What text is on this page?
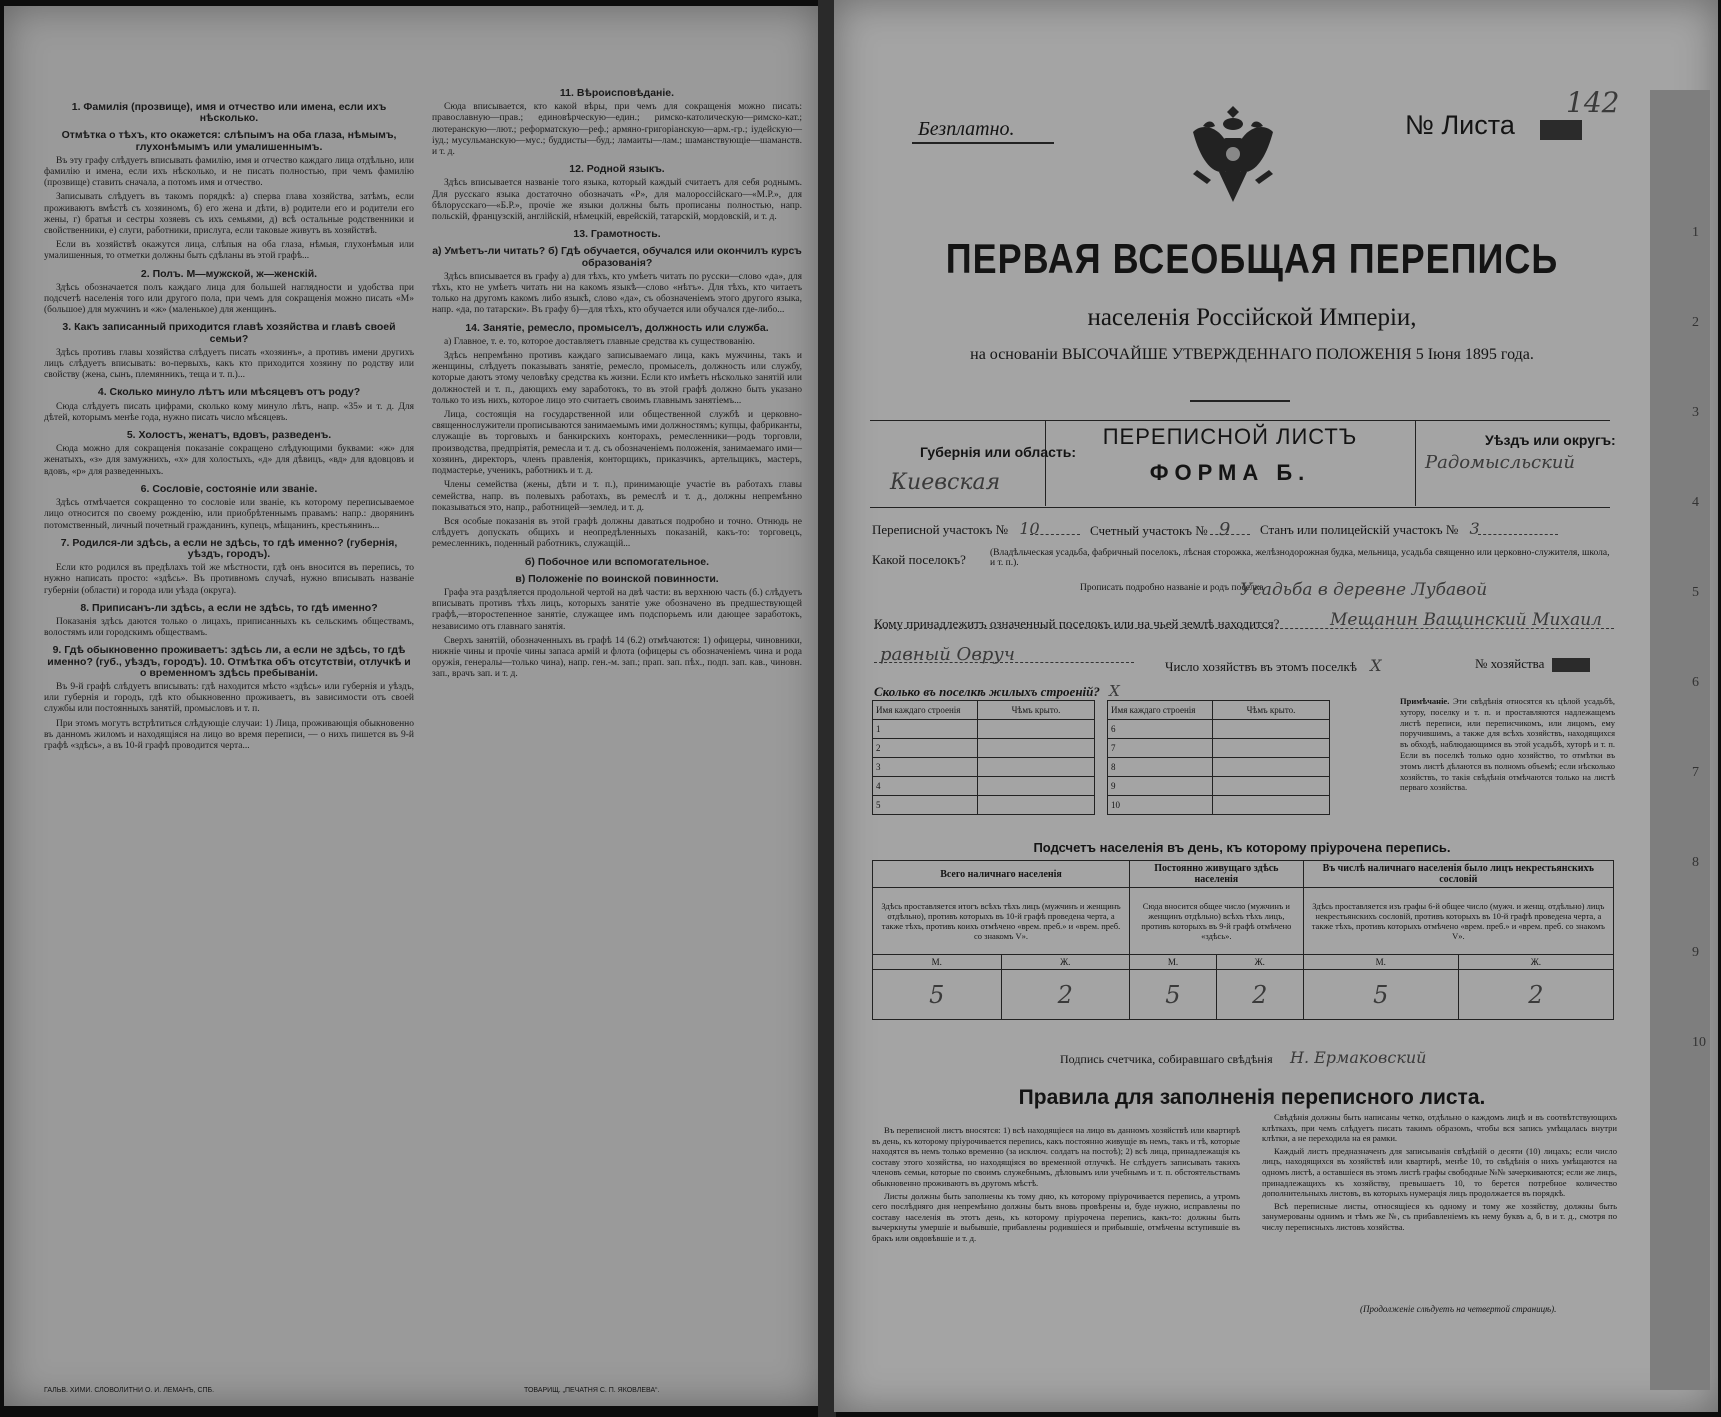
1. Фамилія (прозвище), имя и отчество или имена, если ихъ нѣсколько.
Отмѣтка о тѣхъ, кто окажется: слѣпымъ на оба глаза, нѣмымъ, глухонѣмымъ или умалишеннымъ.

Въ эту графу слѣдуетъ вписывать фамилію, имя и отчество каждаго лица отдѣльно, или фамилію и имена, если ихъ нѣсколько, и не писать полностью, при чемъ фамилію (прозвище) ставить сначала, а потомъ имя и отчество.

Записывать слѣдуетъ въ такомъ порядкѣ: а) сперва глава хозяйства, затѣмъ, если проживаютъ вмѣстѣ съ хозяиномъ, б) его жена и дѣти, в) родители его и родители его жены, г) братья и сестры хозяевъ съ ихъ семьями, д) всѣ остальные родственники и свойственники, е) слуги, работники, прислуга, если таковые живутъ въ хозяйствѣ.

Если въ хозяйствѣ окажутся лица, слѣпыя на оба глаза, нѣмыя, глухонѣмыя или умалишенныя, то отметки должны быть сдѣланы въ этой графѣ...

2. Полъ. М—мужской, ж—женскій.

Здѣсь обозначается полъ каждаго лица для большей наглядности и удобства при подсчетѣ населенія того или другого пола, при чемъ для сокращенія можно писать «М» (большое) для мужчинъ и «ж» (маленькое) для женщинъ.

3. Какъ записанный приходится главѣ хозяйства и главѣ своей семьи?

Здѣсь противъ главы хозяйства слѣдуетъ писать «хозяинъ», а противъ имени другихъ лицъ слѣдуетъ вписывать: во-первыхъ, какъ кто приходится хозяину по родству или свойству (жена, сынъ, племянникъ, теща и т. п.)...

4. Сколько минуло лѣтъ или мѣсяцевъ отъ роду?

Сюда слѣдуетъ писать цифрами, сколько кому минуло лѣтъ, напр. «35» и т. д. Для дѣтей, которымъ менѣе года, нужно писать число мѣсяцевъ.

5. Холостъ, женатъ, вдовъ, разведенъ.

Сюда можно для сокращенія показаніе сокращено слѣдующими буквами: «ж» для женатыхъ, «з» для замужнихъ, «х» для холостыхъ, «д» для дѣвицъ, «вд» для вдовцовъ и вдовъ, «р» для разведенныхъ.

6. Сословіе, состояніе или званіе.

Здѣсь отмѣчается сокращенно то сословіе или званіе, къ которому переписываемое лицо относится по своему рожденію, или приобрѣтеннымъ правамъ: напр.: дворянинъ потомственный, личный почетный гражданинъ, купецъ, мѣщанинъ, крестьянинъ...

7. Родился-ли здѣсь, а если не здѣсь, то гдѣ именно? (губернія, уѣздъ, городъ).

Если кто родился въ предѣлахъ той же мѣстности, гдѣ онъ вносится въ перепись, то нужно написать просто: «здѣсь». Въ противномъ случаѣ, нужно вписывать названіе губерніи (области) и города или уѣзда (округа).

8. Приписанъ-ли здѣсь, а если не здѣсь, то гдѣ именно?

Показанія здѣсь даются только о лицахъ, приписанныхъ къ сельскимъ обществамъ, волостямъ или городскимъ обществамъ.

9. Гдѣ обыкновенно проживаетъ: здѣсь ли, а если не здѣсь, то гдѣ именно? (губ., уѣздъ, городъ). 10. Отмѣтка объ отсутствіи, отлучкѣ и о временномъ здѣсь пребываніи.

Въ 9-й графѣ слѣдуетъ вписывать: гдѣ находится мѣсто «здѣсь» или губернія и уѣздъ, или губернія и городъ, гдѣ кто обыкновенно проживаетъ, въ зависимости отъ своей службы или постоянныхъ занятій, промысловъ и т. п.

При этомъ могутъ встрѣтиться слѣдующіе случаи: 1) Лица, проживающія обыкновенно въ данномъ жиломъ и находящіяся на лицо во время переписи, — о нихъ пишется въ 9-й графѣ «здѣсь», а въ 10-й графѣ проводится черта...

11. Вѣроисповѣданіе.

Сюда вписывается, кто какой вѣры, при чемъ для сокращенія можно писать: православную—прав.; единовѣрческую—един.; римско-католическую—римско-кат.; лютеранскую—лют.; реформатскую—реф.; армяно-григоріанскую—арм.-гр.; іудейскую—іуд.; мусульманскую—мус.; буддисты—буд.; ламаиты—лам.; шаманствующіе—шаманств. и т. д.

12. Родной языкъ.

Здѣсь вписывается названіе того языка, который каждый считаетъ для себя роднымъ. Для русскаго языка достаточно обозначать «Р», для малороссійскаго—«М.Р.», для бѣлорусскаго—«Б.Р.», прочіе же языки должны быть прописаны полностью, напр. польскій, французскій, англійскій, нѣмецкій, еврейскій, татарскій, мордовскій, и т. д.

13. Грамотность.
а) Умѣетъ-ли читать? б) Гдѣ обучается, обучался или окончилъ курсъ образованія?

Здѣсь вписывается въ графу а) для тѣхъ, кто умѣетъ читать по русски—слово «да», для тѣхъ, кто не умѣетъ читать ни на какомъ языкѣ—слово «нѣтъ». Для тѣхъ, кто читаетъ только на другомъ какомъ либо языкѣ, слово «да», съ обозначеніемъ этого другого языка, напр. «да, по татарски». Въ графу б)—для тѣхъ, кто обучается или обучался где-либо...

14. Занятіе, ремесло, промыселъ, должность или служба.

а) Главное, т. е. то, которое доставляетъ главные средства къ существованію.

Здѣсь непремѣнно противъ каждаго записываемаго лица, какъ мужчины, такъ и женщины, слѣдуетъ показывать занятіе, ремесло, промыселъ, должность или службу, которые даютъ этому человѣку средства къ жизни. Если кто имѣетъ нѣсколько занятій или должностей и т. п., дающихъ ему заработокъ, то въ этой графѣ должно быть указано только то изъ нихъ, которое лицо это считаетъ своимъ главнымъ занятіемъ...

Лица, состоящія на государственной или общественной службѣ и церковно-священнослужители прописываются занимаемымъ ими должностямъ; купцы, фабриканты, служащіе въ торговыхъ и банкирскихъ конторахъ, ремесленники—родъ торговли, производства, предпріятія, ремесла и т. д. съ обозначеніемъ положенія, занимаемаго ими—хозяинъ, директоръ, членъ правленія, конторщикъ, приказчикъ, артельщикъ, мастеръ, подмастерье, ученикъ, работникъ и т. д.

Члены семейства (жены, дѣти и т. п.), принимающіе участіе въ работахъ главы семейства, напр. въ полевыхъ работахъ, въ ремеслѣ и т. д., должны непремѣнно показываться это, напр., работницей—землед. и т. д.

Вся особые показанія въ этой графѣ должны даваться подробно и точно. Отнюдь не слѣдуетъ допускать общихъ и неопредѣленныхъ показаній, какъ-то: торговецъ, ремесленникъ, поденный работникъ, служащій...

б) Побочное или вспомогательное.
в) Положеніе по воинской повинности.

Графа эта раздѣляется продольной чертой на двѣ части: въ верхнюю часть (б.) слѣдуетъ вписывать противъ тѣхъ лицъ, которыхъ занятіе уже обозначено въ предшествующей графѣ,—второстепенное занятіе, служащее имъ подспорьемъ или дающее заработокъ, независимо отъ главнаго занятія.

Сверхъ занятій, обозначенныхъ въ графѣ 14 (6.2) отмѣчаются: 1) офицеры, чиновники, нижніе чины и прочіе чины запаса армій и флота (офицеры съ обозначеніемъ чина и рода оружія, генералы—только чина), напр. ген.-м. зап.; прап. зап. пѣх., подп. зап. кав., чиновн. зап., врачъ зап. и т. д.

ГАЛЬВ. ХИМИ. СЛОВОЛИТНИ О. И. ЛЕМАНЪ, СПБ.	ТОВАРИЩ. „ПЕЧАТНЯ С. П. ЯКОВЛЕВА“.
Безплатно.	№ Листа
142
ПЕРВАЯ ВСЕОБЩАЯ ПЕРЕПИСЬ
населенія Россійской Имперіи,
на основаніи ВЫСОЧАЙШЕ УТВЕРЖДЕННАГО ПОЛОЖЕНІЯ 5 Іюня 1895 года.
Губернія или область:
Киевская
ПЕРЕПИСНОЙ ЛИСТЪ
ФОРМА Б.
Уѣздъ или округъ:
Радомысльский
Переписной участокъ № 10	Счетный участокъ № 9 Станъ или полицейскій участокъ № 3
Какой поселокъ?	(Владѣльческая усадьба, фабричный поселокъ, лѣсная сторожка, желѣзнодорожная будка, мельница, усадьба священно или церковно-служителя, школа, и т. п.).
Прописать подробно названіе и родъ поселка
Усадьба в деревне Лубавой
Кому принадлежитъ означенный поселокъ или на чьей землѣ находится?	Мещанин Ващинский Михаил
равный Овруч
Число хозяйствъ въ этомъ поселкѣ X	№ хозяйства
Сколько въ поселкѣ жилыхъ строеній? X
Имя каждаго строенія	Чѣмъ крыто.		Имя каждаго строенія	Чѣмъ крыто.
1			6	
2			7	
3			8	
4			9	
5			10	
Примѣчаніе. Эти свѣдѣнія относятся къ цѣлой усадьбѣ, хутору, поселку и т. п. и проставляются надлежащемъ листѣ переписи, или переписчикомъ, или лицомъ, ему поручившимъ, а также для всѣхъ хозяйствъ, находящихся въ обходѣ, наблюдающимся въ этой усадьбѣ, хуторѣ и т. п. Если въ поселкѣ только одно хозяйство, то отмѣтки въ этомъ листѣ дѣлаются въ полномъ объемѣ; если нѣсколько хозяйствъ, то такія свѣдѣнія отмѣчаются только на листѣ перваго хозяйства.
Подсчетъ населенія въ день, къ которому пріурочена перепись.
Всего наличнаго населенія		Постоянно живущаго здѣсь населенія		Въ числѣ наличнаго населенія было лицъ некрестьянскихъ сословій	
Здѣсь проставляется итогъ всѣхъ тѣхъ лицъ (мужчинъ и женщинъ отдѣльно), противъ которыхъ въ 10-й графѣ проведена черта, а также тѣхъ, противъ коихъ отмѣчено «врем. преб.» и «врем. преб. со знакомъ V».		Сюда вносится общее число (мужчинъ и женщинъ отдѣльно) всѣхъ тѣхъ лицъ, противъ которыхъ въ 9-й графѣ отмѣчено «здѣсь».		Здѣсь проставляется изъ графы 6-й общее число (мужч. и женщ. отдѣльно) лицъ некрестьянскихъ сословій, противъ которыхъ въ 10-й графѣ проведена черта, а также тѣхъ, противъ которыхъ отмѣчено «врем. преб.» и «врем. преб. со знакомъ V».	
М.	Ж.	М.	Ж.	М.	Ж.
5	2	5	2	5	2
Подпись счетчика, собиравшаго свѣдѣнія Н. Ермаковский
Правила для заполненія переписного листа.

Въ переписной листъ вносятся: 1) всѣ находящіеся на лицо въ данномъ хозяйствѣ или квартирѣ въ день, къ которому пріурочивается перепись, какъ постоянно живущіе въ немъ, такъ и тѣ, которые находятся въ немъ только временно (за исключ. солдатъ на постоѣ); 2) всѣ лица, принадлежащія къ составу этого хозяйства, но находящіяся во временной отлучкѣ. Не слѣдуетъ записывать такихъ членовъ семьи, которые по своимъ служебнымъ, дѣловымъ или учебнымъ и т. п. обстоятельствамъ обыкновенно проживаютъ въ другомъ мѣстѣ.

Листы должны быть заполнены къ тому дню, къ которому пріурочивается перепись, а утромъ сего послѣдняго дня непремѣнно должны быть вновь провѣрены и, буде нужно, исправлены по составу населенія въ этотъ день, къ которому пріурочена перепись, какъ-то: должны быть вычеркнуты умершіе и выбывшіе, прибавлены родившіеся и прибывшіе, отмѣчены вступившіе въ бракъ или овдовѣвшіе и т. д.

Свѣдѣнія должны быть написаны четко, отдѣльно о каждомъ лицѣ и въ соотвѣтствующихъ клѣткахъ, при чемъ слѣдуетъ писать такимъ образомъ, чтобы вся запись умѣщалась внутри клѣтки, а не переходила на ея рамки.

Каждый листъ предназначенъ для записыванія свѣдѣній о десяти (10) лицахъ; если число лицъ, находящихся въ хозяйствѣ или квартирѣ, менѣе 10, то свѣдѣнія о нихъ умѣщаются на одномъ листѣ, а оставшіеся въ этомъ листѣ графы свободные №№ зачеркиваются; если же лицъ, принадлежащихъ къ хозяйству, превышаетъ 10, то берется потребное количество дополнительныхъ листовъ, въ которыхъ нумерація лицъ продолжается въ порядкѣ.

Всѣ переписные листы, относящіеся къ одному и тому же хозяйству, должны быть занумерованы однимъ и тѣмъ же №, съ прибавленіемъ къ нему буквъ а, б, в и т. д., смотря по числу переписныхъ листовъ хозяйства.

(Продолженіе слѣдуетъ на четвертой страницѣ).
1
2
3
4
5
6
7
8
9
10
